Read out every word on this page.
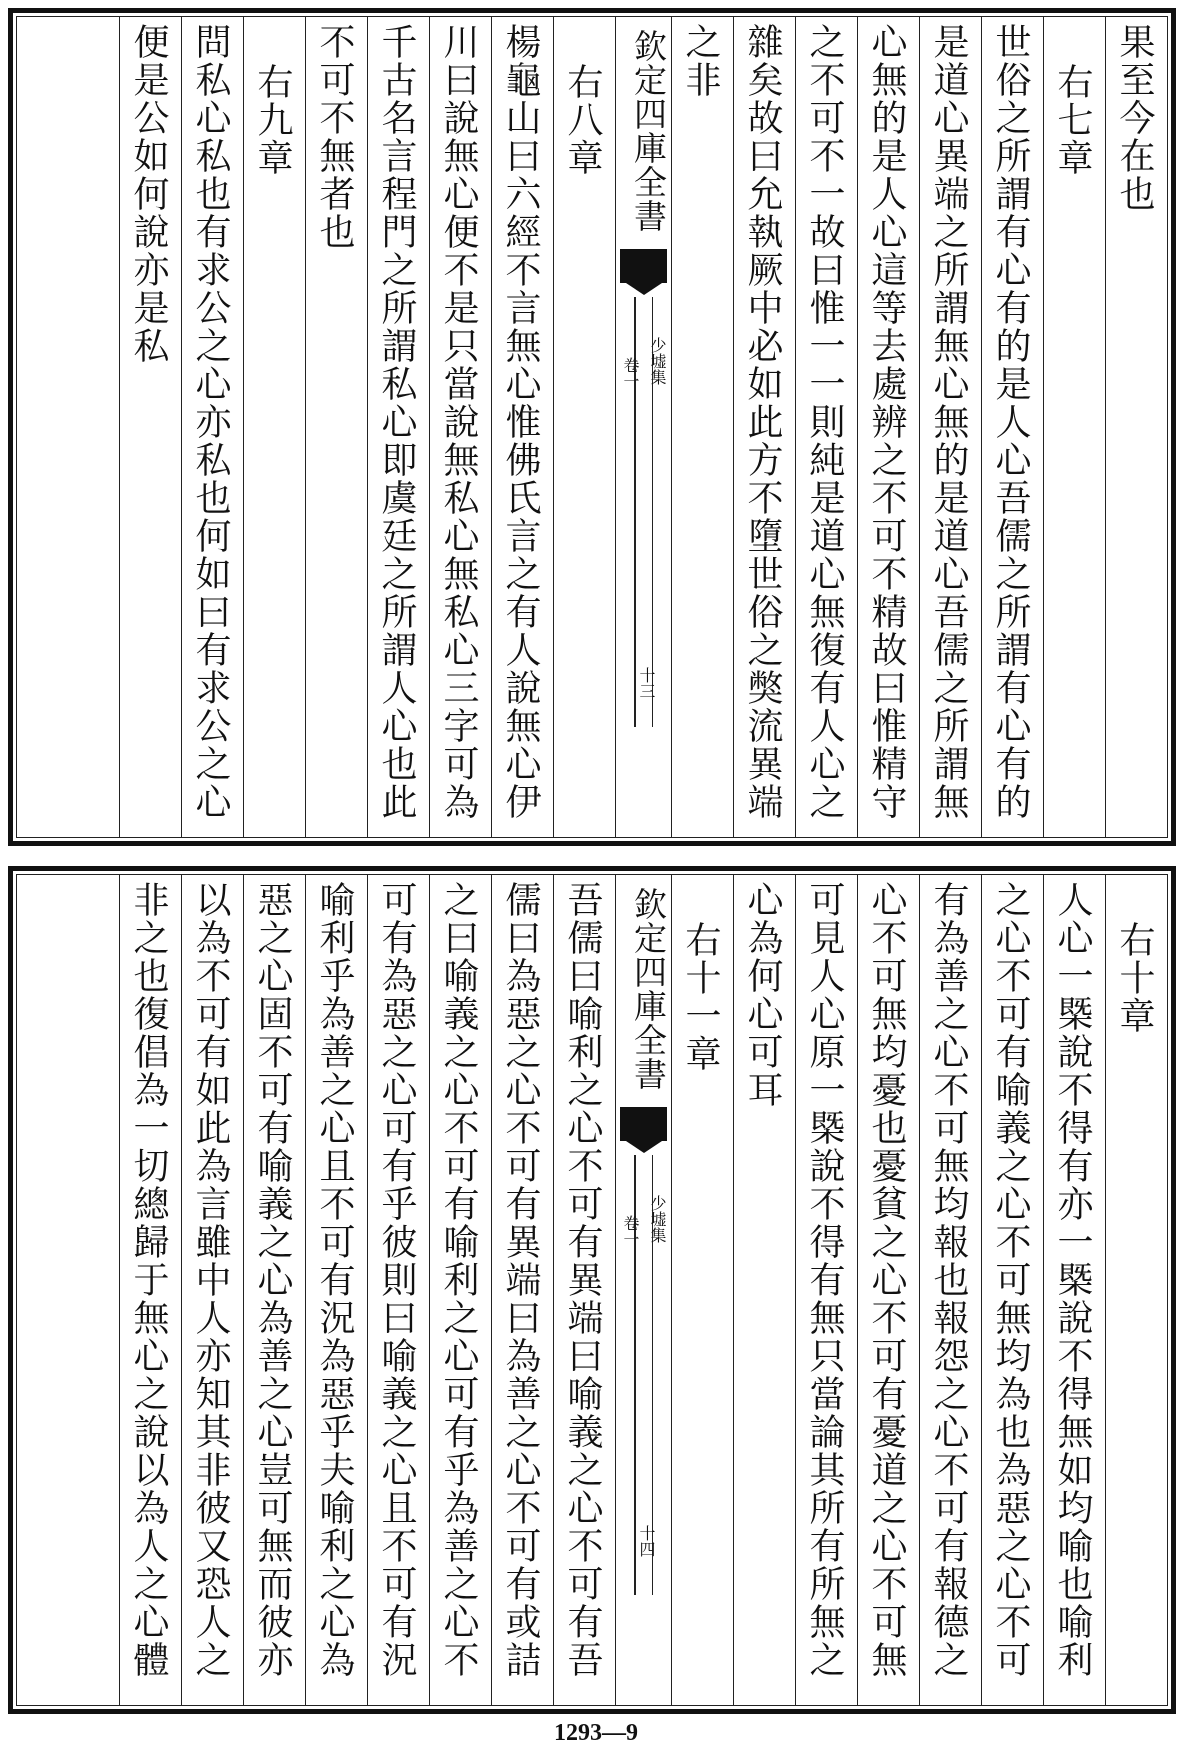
果至今在也
右七章
世俗之所謂有心有的是人心吾儒之所謂有心有的
是道心異端之所謂無心無的是道心吾儒之所謂無
心無的是人心這等去處辨之不可不精故曰惟精守
之不可不一故曰惟一一則純是道心無復有人心之
雜矣故曰允執厥中必如此方不墮世俗之獘流異端
之非
欽定四庫全書
少墟集
卷一
十三
右八章
楊龜山曰六經不言無心惟佛氏言之有人說無心伊
川曰說無心便不是只當說無私心無私心三字可為
千古名言程門之所謂私心即虞廷之所謂人心也此
不可不無者也
右九章
問私心私也有求公之心亦私也何如曰有求公之心
便是公如何說亦是私
右十章
人心一槩說不得有亦一槩說不得無如均喻也喻利
之心不可有喻義之心不可無均為也為惡之心不可
有為善之心不可無均報也報怨之心不可有報德之
心不可無均憂也憂貧之心不可有憂道之心不可無
可見人心原一槩說不得有無只當論其所有所無之
心為何心可耳
右十一章
欽定四庫全書
少墟集
卷一
十四
吾儒曰喻利之心不可有異端曰喻義之心不可有吾
儒曰為惡之心不可有異端曰為善之心不可有或詰
之曰喻義之心不可有喻利之心可有乎為善之心不
可有為惡之心可有乎彼則曰喻義之心且不可有況
喻利乎為善之心且不可有況為惡乎夫喻利之心為
惡之心固不可有喻義之心為善之心豈可無而彼亦
以為不可有如此為言雖中人亦知其非彼又恐人之
非之也復倡為一切總歸于無心之說以為人之心體
1293—9
